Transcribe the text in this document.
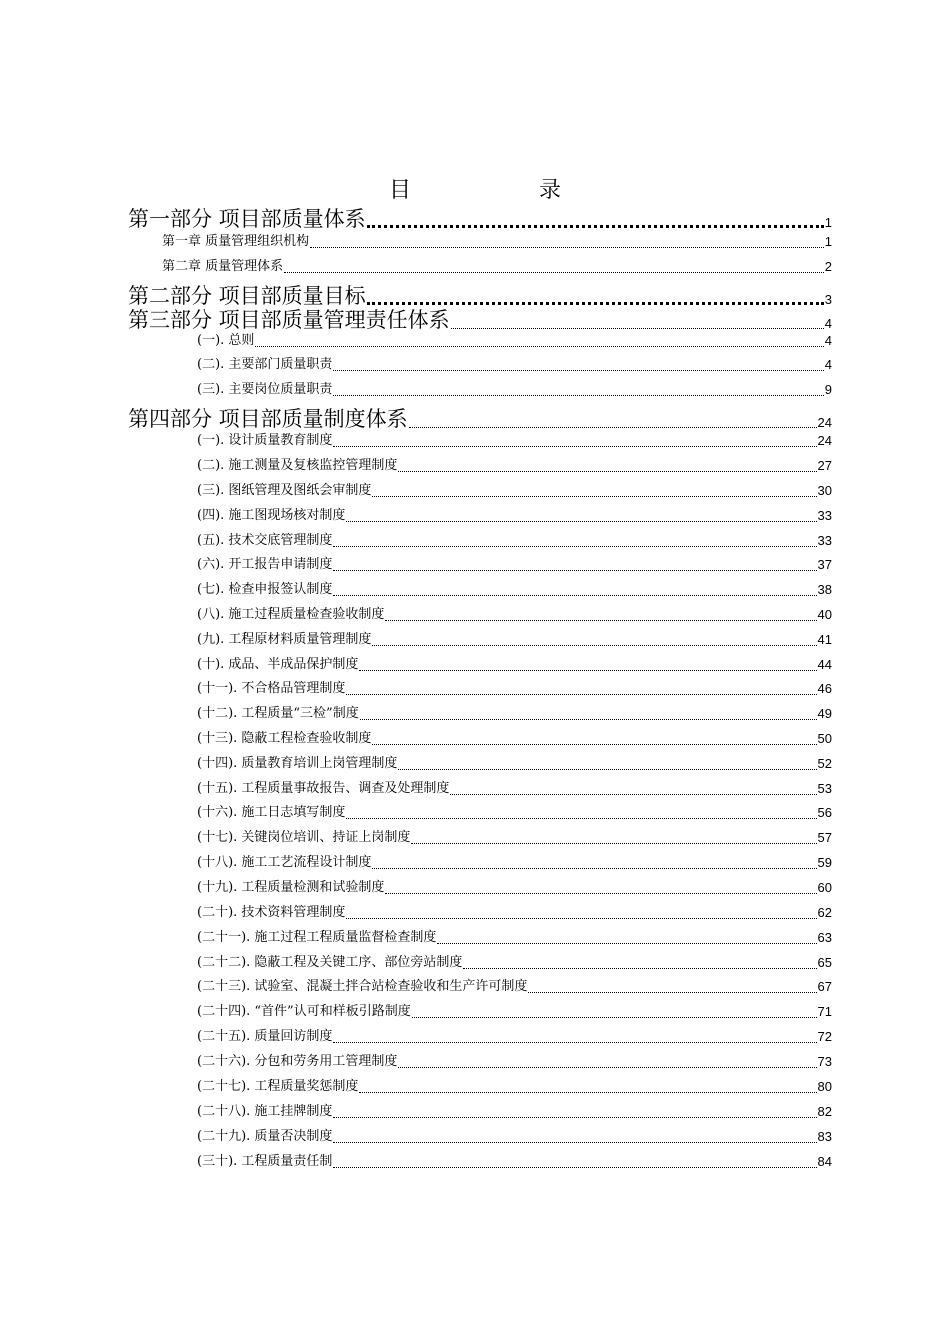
目　　录
第一部分 项目部质量体系	1
第一章 质量管理组织机构	1
第二章 质量管理体系	2
第二部分 项目部质量目标	3
第三部分 项目部质量管理责任体系	4
(一). 总则	4
(二). 主要部门质量职责	4
(三). 主要岗位质量职责	9
第四部分 项目部质量制度体系	24
(一). 设计质量教育制度	24
(二). 施工测量及复核监控管理制度	27
(三). 图纸管理及图纸会审制度	30
(四). 施工图现场核对制度	33
(五). 技术交底管理制度	33
(六). 开工报告申请制度	37
(七). 检查申报签认制度	38
(八). 施工过程质量检查验收制度	40
(九). 工程原材料质量管理制度	41
(十). 成品、半成品保护制度	44
(十一). 不合格品管理制度	46
(十二). 工程质量“三检”制度	49
(十三). 隐蔽工程检查验收制度	50
(十四). 质量教育培训上岗管理制度	52
(十五). 工程质量事故报告、调查及处理制度	53
(十六). 施工日志填写制度	56
(十七). 关键岗位培训、持证上岗制度	57
(十八). 施工工艺流程设计制度	59
(十九). 工程质量检测和试验制度	60
(二十). 技术资料管理制度	62
(二十一). 施工过程工程质量监督检查制度	63
(二十二). 隐蔽工程及关键工序、部位旁站制度	65
(二十三). 试验室、混凝土拌合站检查验收和生产许可制度	67
(二十四). “首件”认可和样板引路制度	71
(二十五). 质量回访制度	72
(二十六). 分包和劳务用工管理制度	73
(二十七). 工程质量奖惩制度	80
(二十八). 施工挂牌制度	82
(二十九). 质量否决制度	83
(三十). 工程质量责任制	84
